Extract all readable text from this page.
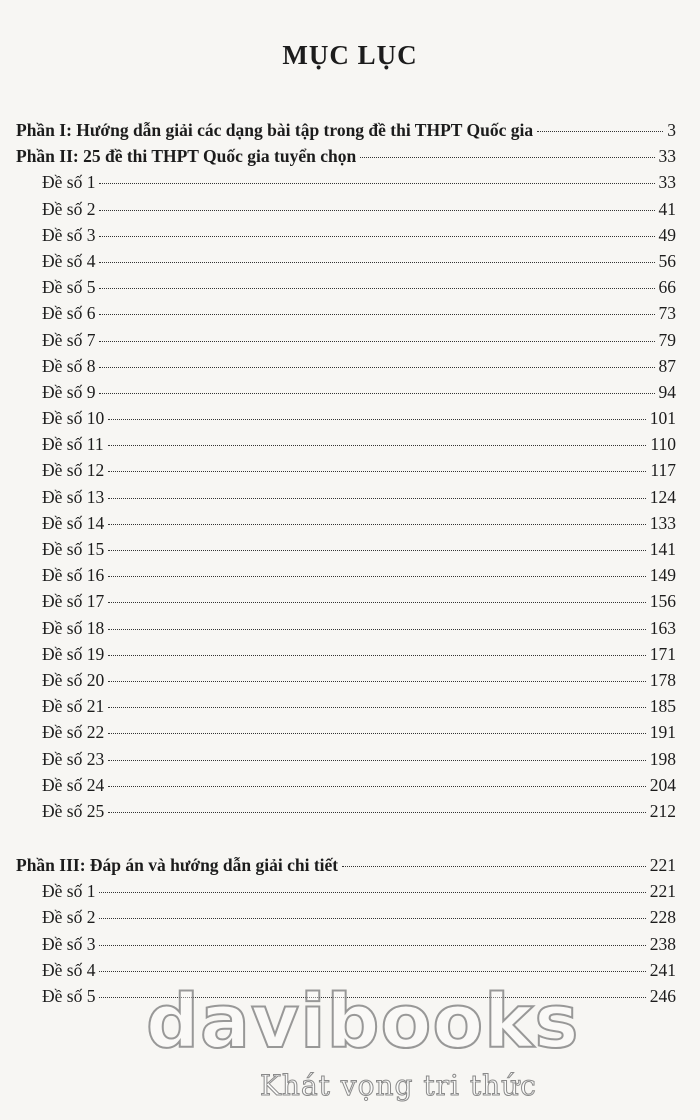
MỤC LỤC
Phần I: Hướng dẫn giải các dạng bài tập trong đề thi THPT Quốc gia	3
Phần II: 25 đề thi THPT Quốc gia tuyển chọn	33
Đề số 1	33
Đề số 2	41
Đề số 3	49
Đề số 4	56
Đề số 5	66
Đề số 6	73
Đề số 7	79
Đề số 8	87
Đề số 9	94
Đề số 10	101
Đề số 11	110
Đề số 12	117
Đề số 13	124
Đề số 14	133
Đề số 15	141
Đề số 16	149
Đề số 17	156
Đề số 18	163
Đề số 19	171
Đề số 20	178
Đề số 21	185
Đề số 22	191
Đề số 23	198
Đề số 24	204
Đề số 25	212
Phần III: Đáp án và hướng dẫn giải chi tiết	221
Đề số 1	221
Đề số 2	228
Đề số 3	238
Đề số 4	241
Đề số 5	246
davibooks
Khát vọng tri thức
